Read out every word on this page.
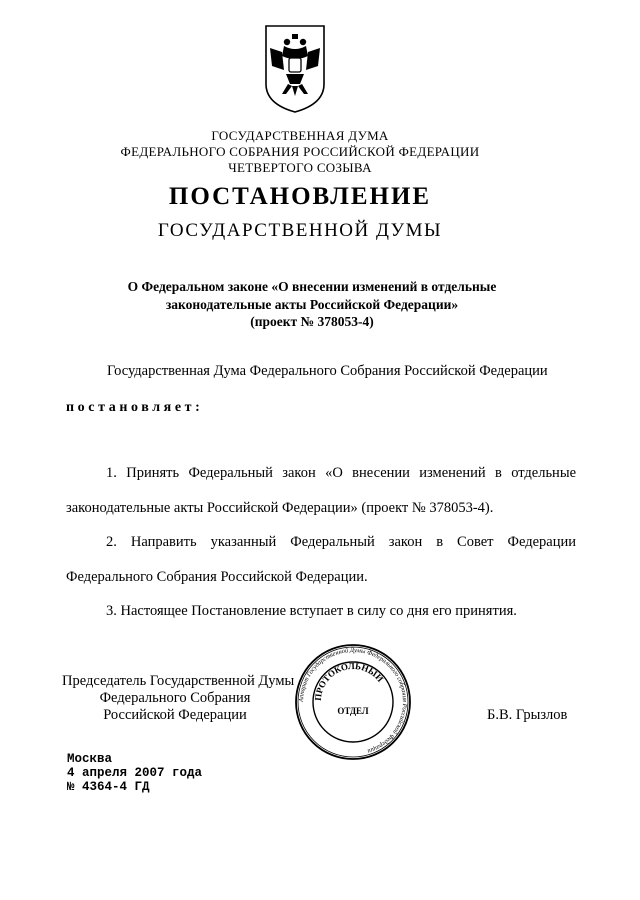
ГОСУДАРСТВЕННАЯ ДУМА
ФЕДЕРАЛЬНОГО СОБРАНИЯ РОССИЙСКОЙ ФЕДЕРАЦИИ
ЧЕТВЕРТОГО СОЗЫВА
ПОСТАНОВЛЕНИЕ
ГОСУДАРСТВЕННОЙ ДУМЫ
О Федеральном законе «О внесении изменений в отдельные
законодательные акты Российской Федерации»
(проект № 378053-4)
Государственная Дума Федерального Собрания Российской Федерации
постановляет:
1. Принять Федеральный закон «О внесении изменений в отдельные
законодательные акты Российской Федерации» (проект № 378053-4).
2. Направить указанный Федеральный закон в Совет Федерации
Федерального Собрания Российской Федерации.
3. Настоящее Постановление вступает в силу со дня его принятия.
Председатель Государственной Думы
Федерального Собрания
Российской Федерации	Б.В. Грызлов
Аппарат Государственной Думы Федерального собрания Российской Федерации
ПРОТОКОЛЬНЫЙ
ОТДЕЛ
Москва
4 апреля 2007 года
№ 4364-4 ГД
